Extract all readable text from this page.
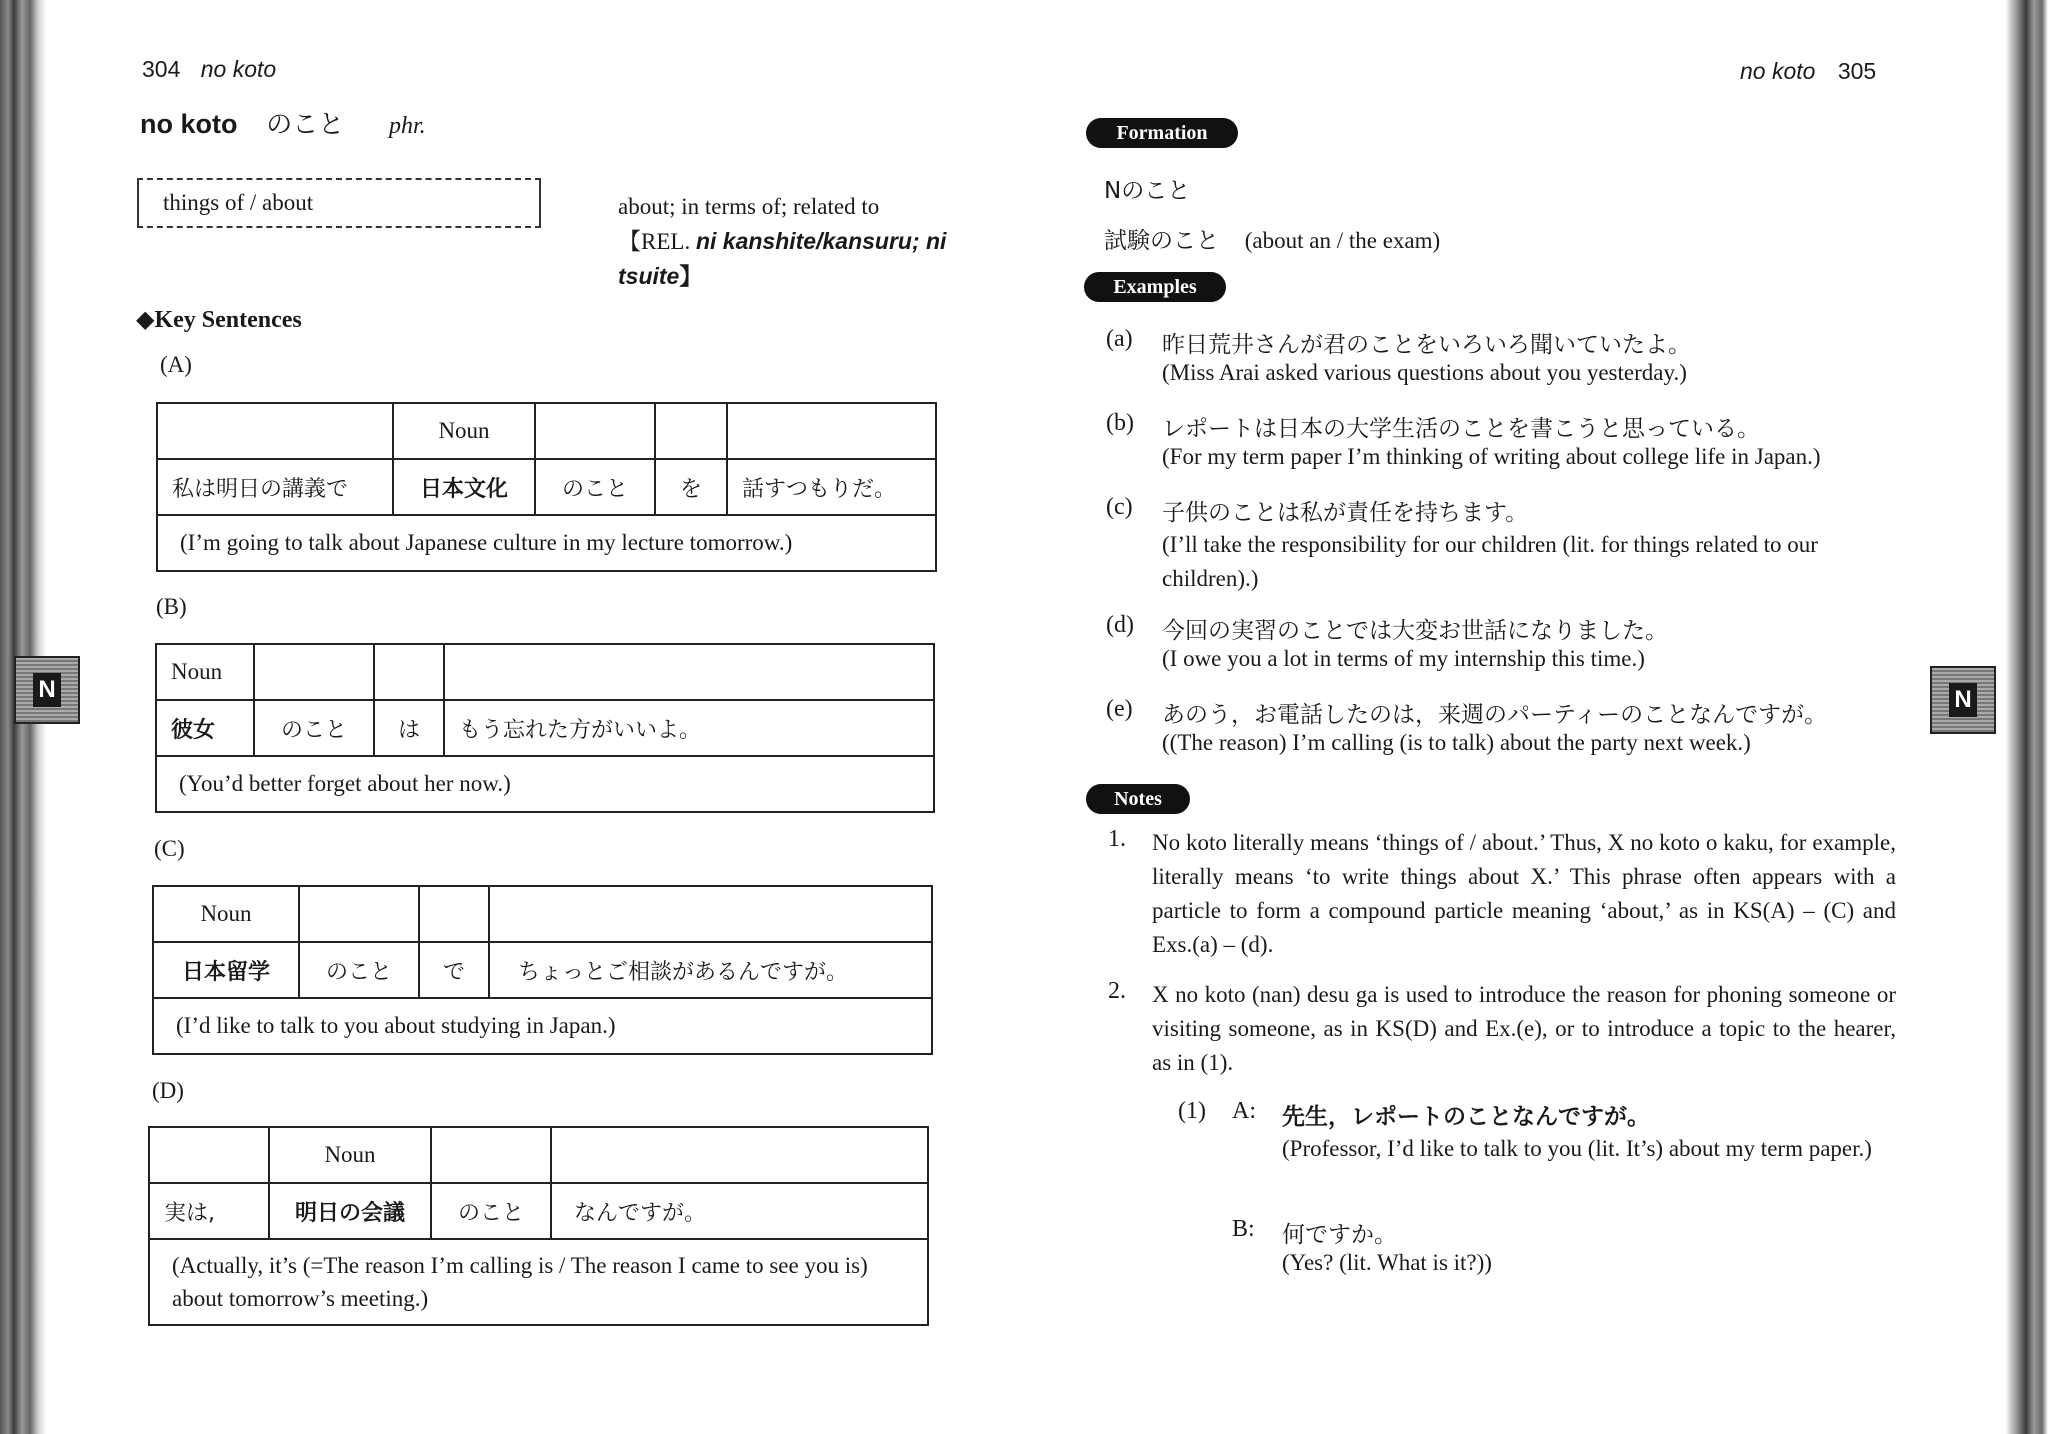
N	N
304 no koto
no koto のこと phr.
things of / about	about; in terms of; related to
【REL. ni kanshite/kansuru; ni
tsuite】
◆Key Sentences
(A)
	Noun			
私は明日の講義で	日本文化	のこと	を	話すつもりだ。
(I’m going to talk about Japanese culture in my lecture tomorrow.)				
(B)
Noun			
彼女	のこと	は	もう忘れた方がいいよ。
(You’d better forget about her now.)			
(C)
Noun			
日本留学	のこと	で	ちょっとご相談があるんですが。
(I’d like to talk to you about studying in Japan.)			
(D)
	Noun		
実は,	明日の会議	のこと	なんですが。
(Actually, it’s (=The reason I’m calling is / The reason I came to see you is) about tomorrow’s meeting.)			
no koto 305
Formation
Nのこと
試験のこと (about an / the exam)
Examples
(a) 昨日荒井さんが君のことをいろいろ聞いていたよ。
(Miss Arai asked various questions about you yesterday.)
(b) レポートは日本の大学生活のことを書こうと思っている。
(For my term paper I’m thinking of writing about college life in Japan.)
(c) 子供のことは私が責任を持ちます。
(I’ll take the responsibility for our children (lit. for things related to our children).)
(d) 今回の実習のことでは大変お世話になりました。
(I owe you a lot in terms of my internship this time.)
(e) あのう，お電話したのは，来週のパーティーのことなんですが。
((The reason) I’m calling (is to talk) about the party next week.)
Notes
1. No koto literally means ‘things of / about.’ Thus, X no koto o kaku, for example, literally means ‘to write things about X.’ This phrase often appears with a particle to form a compound particle meaning ‘about,’ as in KS(A) – (C) and Exs.(a) – (d).
2. X no koto (nan) desu ga is used to introduce the reason for phoning someone or visiting someone, as in KS(D) and Ex.(e), or to introduce a topic to the hearer, as in (1).
(1) A: 先生，レポートのことなんですが。
(Professor, I’d like to talk to you (lit. It’s) about my term paper.)
B: 何ですか。
(Yes? (lit. What is it?))
